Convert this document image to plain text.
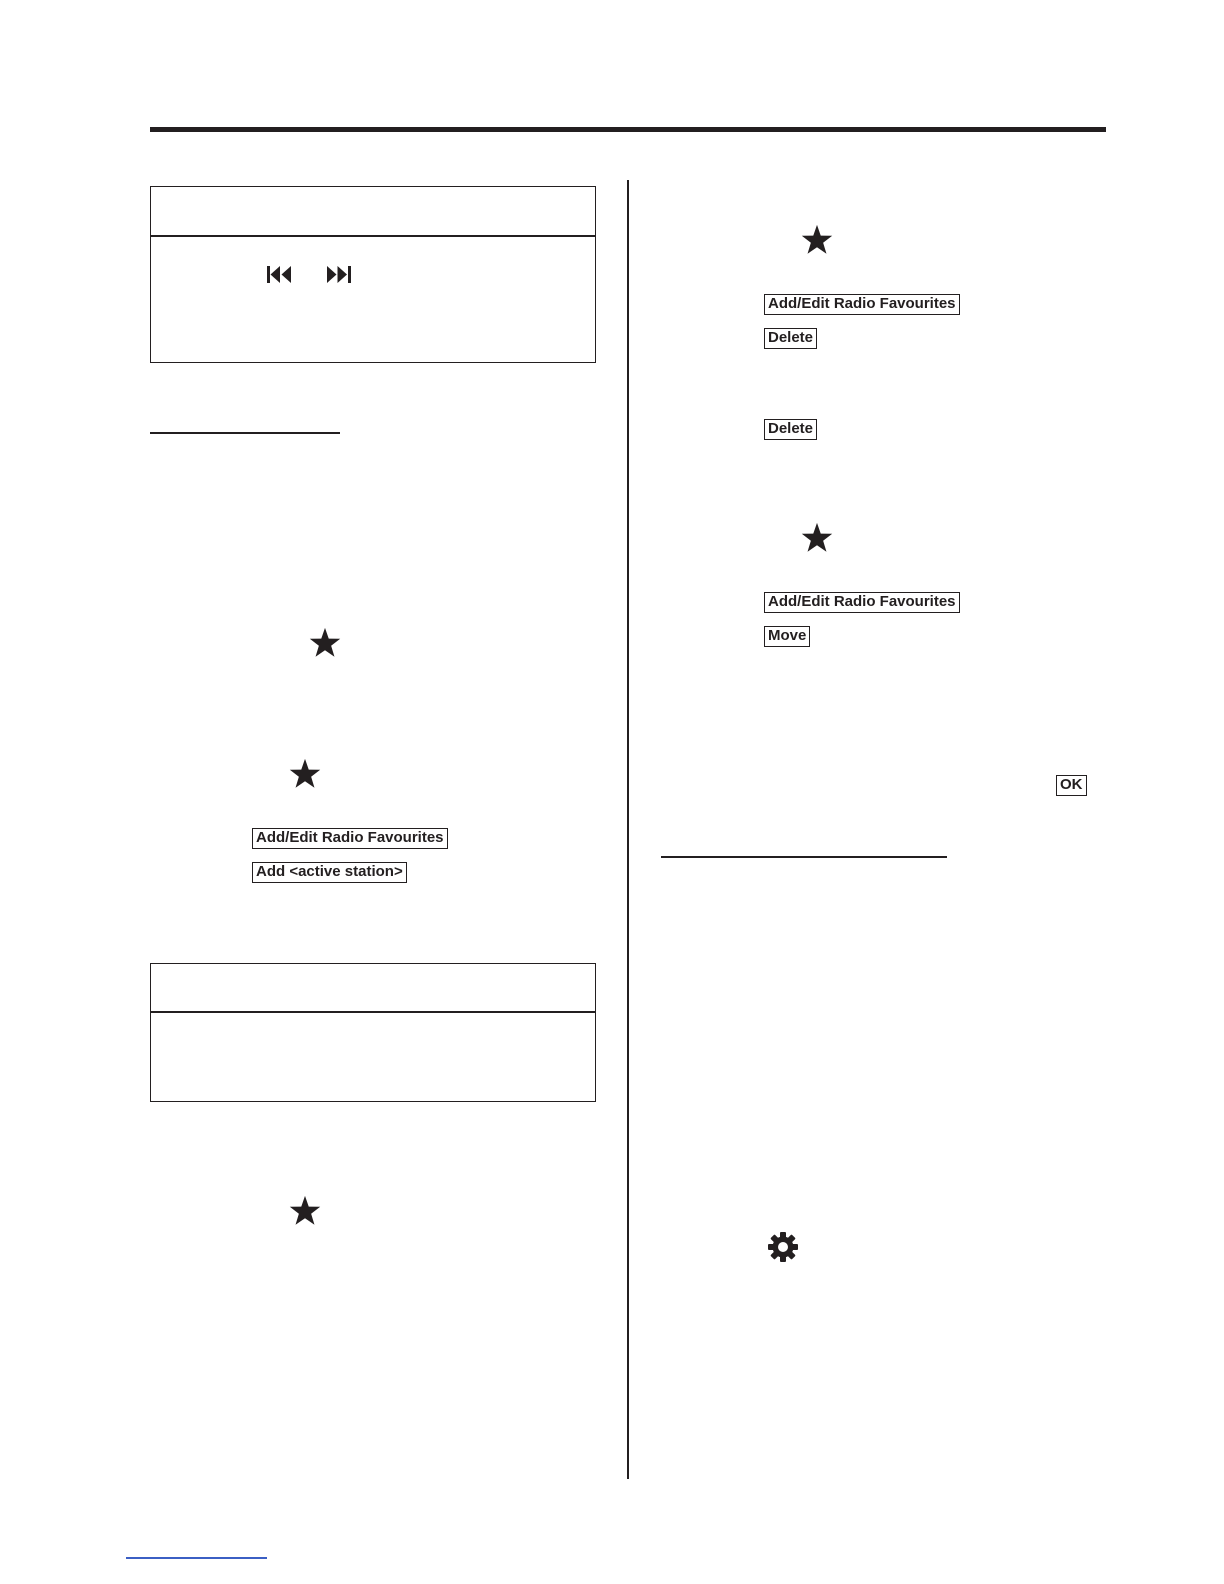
Add/Edit Radio Favourites
Add <active station>
Add/Edit Radio Favourites
Delete
Delete
Add/Edit Radio Favourites
Move
OK
